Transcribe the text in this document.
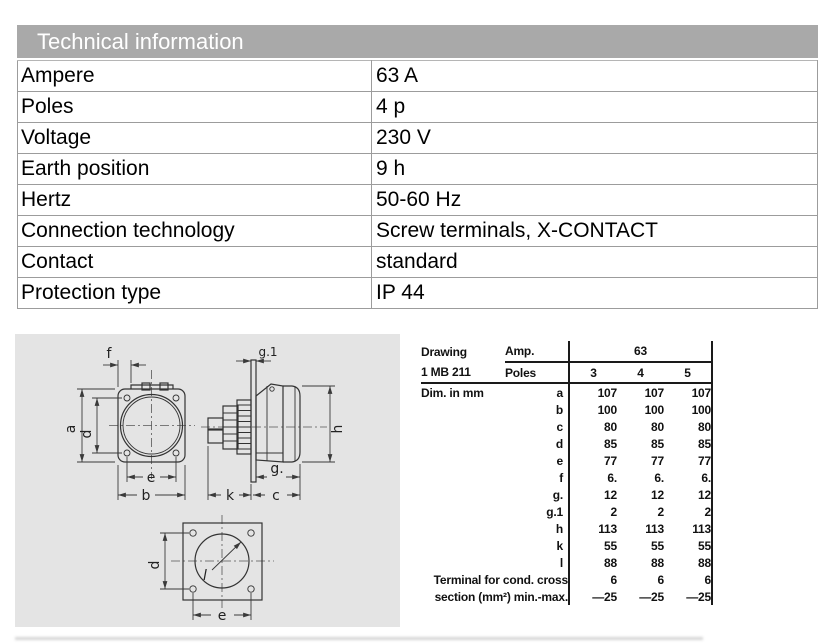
Technical information
Ampere	63 A
Poles	4 p
Voltage	230 V
Earth position	9 h
Hertz	50-60 Hz
Connection technology	Screw terminals, X-CONTACT
Contact	standard
Protection type	IP 44
f
a
d
e
b
g.1
h
g.
k	c
l
d
e
Drawing	Amp.	63		
1 MB 211	Poles	3	4	5
Dim. in mm	a	107	107	107
	b	100	100	100
	c	80	80	80
	d	85	85	85
	e	77	77	77
	f	6.	6.	6.
	g.	12	12	12
	g.1	2	2	2
	h	113	113	113
	k	55	55	55
	l	88	88	88
Terminal for cond. cross		6	6	6
section (mm²) min.-max.		—25	—25	—25
